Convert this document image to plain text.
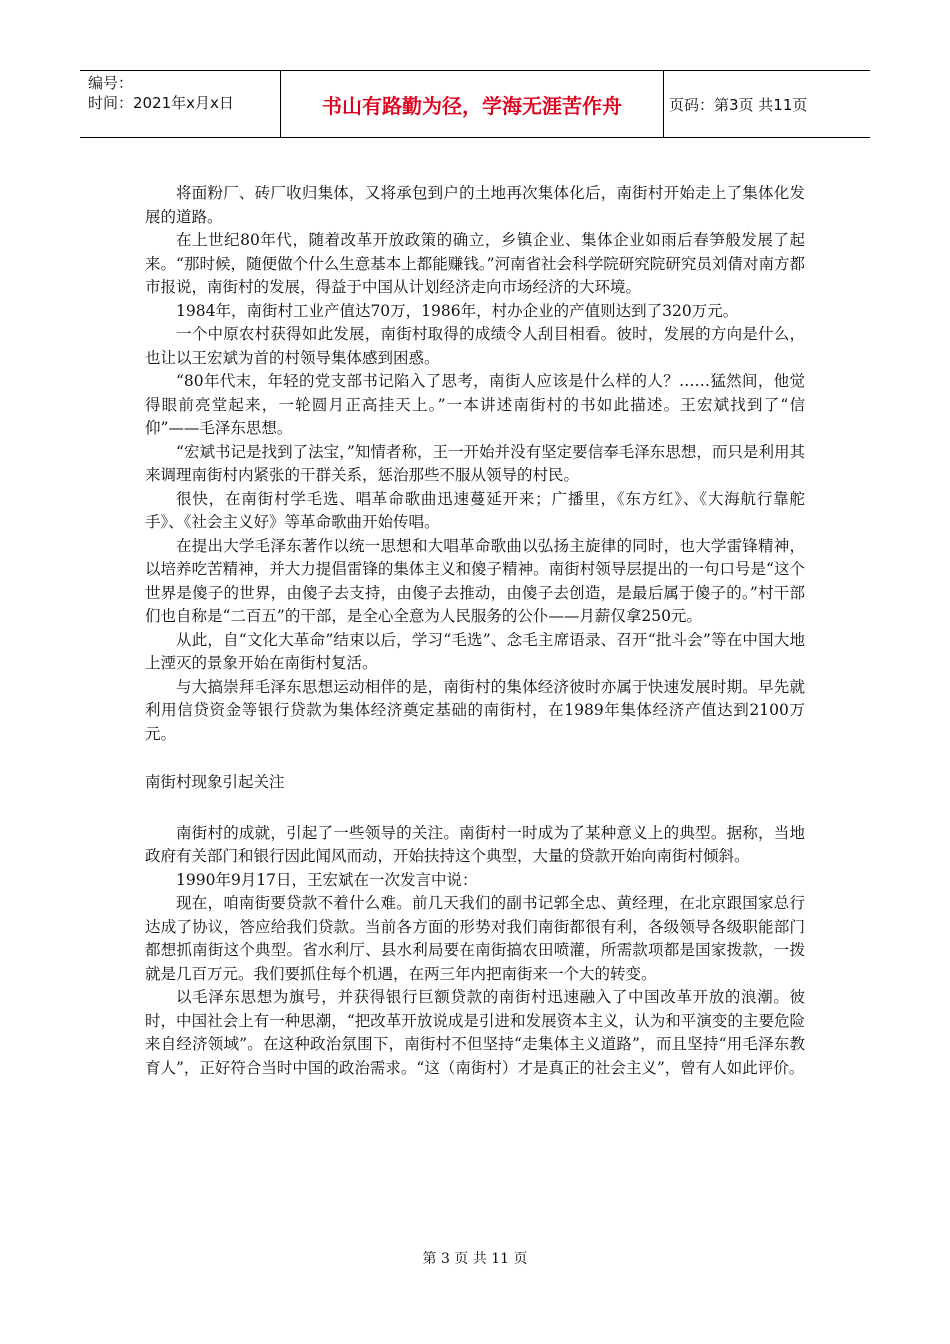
编号：
时间：2021年x月x日	书山有路勤为径，学海无涯苦作舟	页码：第3页 共11页

将面粉厂、砖厂收归集体，又将承包到户的土地再次集体化后，南街村开始走上了集体化发展的道路。

在上世纪80年代，随着改革开放政策的确立，乡镇企业、集体企业如雨后春笋般发展了起来。“那时候，随便做个什么生意基本上都能赚钱。”河南省社会科学院研究院研究员刘倩对南方都市报说，南街村的发展，得益于中国从计划经济走向市场经济的大环境。

1984年，南街村工业产值达70万，1986年，村办企业的产值则达到了320万元。

一个中原农村获得如此发展，南街村取得的成绩令人刮目相看。彼时，发展的方向是什么，也让以王宏斌为首的村领导集体感到困惑。

“80年代末，年轻的党支部书记陷入了思考，南街人应该是什么样的人？……猛然间，他觉得眼前亮堂起来，一轮圆月正高挂天上。”一本讲述南街村的书如此描述。王宏斌找到了“信仰”——毛泽东思想。

“宏斌书记是找到了法宝，”知情者称，王一开始并没有坚定要信奉毛泽东思想，而只是利用其来调理南街村内紧张的干群关系，惩治那些不服从领导的村民。

很快，在南街村学毛选、唱革命歌曲迅速蔓延开来；广播里，《东方红》、《大海航行靠舵手》、《社会主义好》等革命歌曲开始传唱。

在提出大学毛泽东著作以统一思想和大唱革命歌曲以弘扬主旋律的同时，也大学雷锋精神，以培养吃苦精神，并大力提倡雷锋的集体主义和傻子精神。南街村领导层提出的一句口号是“这个世界是傻子的世界，由傻子去支持，由傻子去推动，由傻子去创造，是最后属于傻子的。”村干部们也自称是“二百五”的干部，是全心全意为人民服务的公仆——月薪仅拿250元。

从此，自“文化大革命”结束以后，学习“毛选”、念毛主席语录、召开“批斗会”等在中国大地上湮灭的景象开始在南街村复活。

与大搞崇拜毛泽东思想运动相伴的是，南街村的集体经济彼时亦属于快速发展时期。早先就利用信贷资金等银行贷款为集体经济奠定基础的南街村，在1989年集体经济产值达到2100万元。

南街村现象引起关注

南街村的成就，引起了一些领导的关注。南街村一时成为了某种意义上的典型。据称，当地政府有关部门和银行因此闻风而动，开始扶持这个典型，大量的贷款开始向南街村倾斜。

1990年9月17日，王宏斌在一次发言中说：

现在，咱南街要贷款不着什么难。前几天我们的副书记郭全忠、黄经理，在北京跟国家总行达成了协议，答应给我们贷款。当前各方面的形势对我们南街都很有利，各级领导各级职能部门都想抓南街这个典型。省水利厅、县水利局要在南街搞农田喷灌，所需款项都是国家拨款，一拨就是几百万元。我们要抓住每个机遇，在两三年内把南街来一个大的转变。

以毛泽东思想为旗号，并获得银行巨额贷款的南街村迅速融入了中国改革开放的浪潮。彼时，中国社会上有一种思潮，“把改革开放说成是引进和发展资本主义，认为和平演变的主要危险来自经济领域”。在这种政治氛围下，南街村不但坚持“走集体主义道路”，而且坚持“用毛泽东教育人”，正好符合当时中国的政治需求。“这（南街村）才是真正的社会主义”，曾有人如此评价。

第 3 页 共 11 页
